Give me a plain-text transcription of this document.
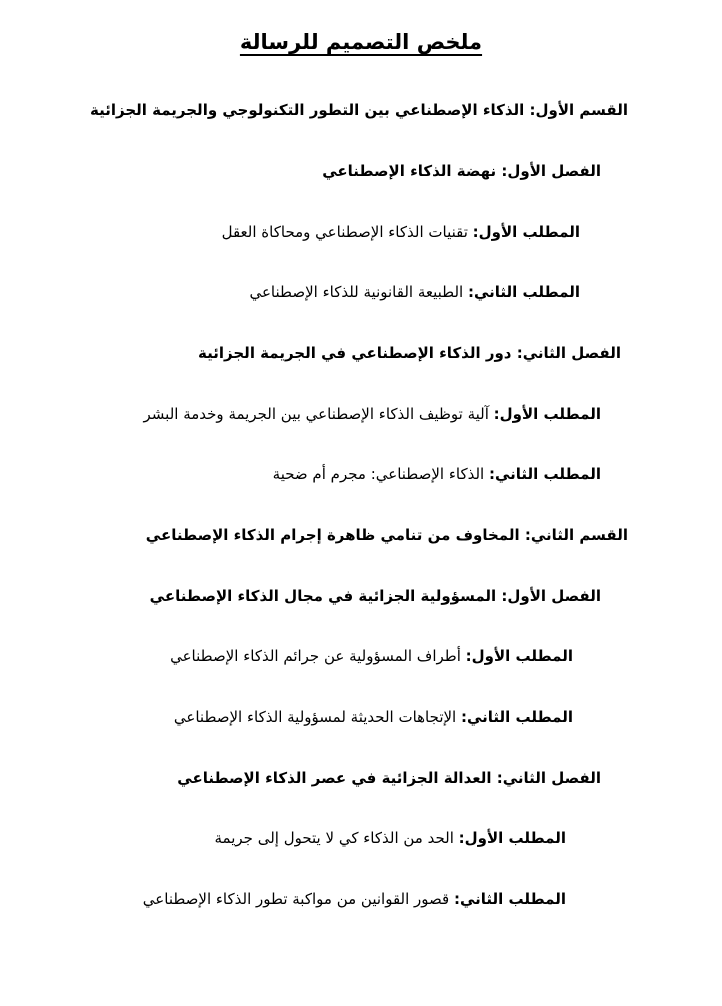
ملخص التصميم للرسالة
القسم الأول: الذكاء الإصطناعي بين التطور التكنولوجي والجريمة الجزائية
الفصل الأول: نهضة الذكاء الإصطناعي
المطلب الأول: تقنيات الذكاء الإصطناعي ومحاكاة العقل
المطلب الثاني: الطبيعة القانونية للذكاء الإصطناعي
الفصل الثاني: دور الذكاء الإصطناعي في الجريمة الجزائية
المطلب الأول: آلية توظيف الذكاء الإصطناعي بين الجريمة وخدمة البشر
المطلب الثاني: الذكاء الإصطناعي: مجرم أم ضحية
القسم الثاني: المخاوف من تنامي ظاهرة إجرام الذكاء الإصطناعي
الفصل الأول: المسؤولية الجزائية في مجال الذكاء الإصطناعي
المطلب الأول: أطراف المسؤولية عن جرائم الذكاء الإصطناعي
المطلب الثاني: الإتجاهات الحديثة لمسؤولية الذكاء الإصطناعي
الفصل الثاني: العدالة الجزائية في عصر الذكاء الإصطناعي
المطلب الأول: الحد من الذكاء كي لا يتحول إلى جريمة
المطلب الثاني: قصور القوانين من مواكبة تطور الذكاء الإصطناعي
